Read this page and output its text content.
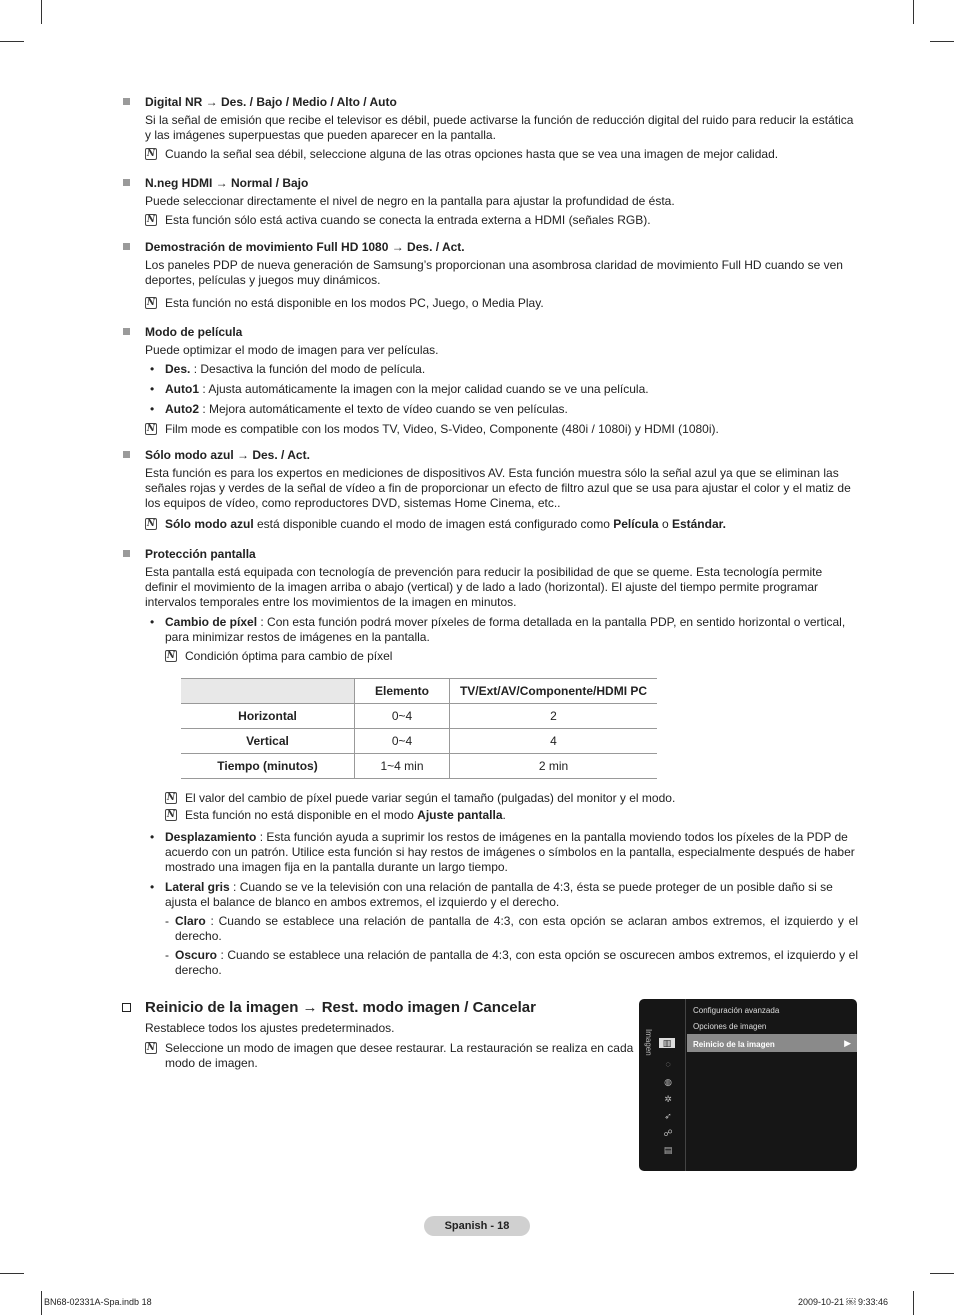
Digital NR → Des. / Bajo / Medio / Alto / Auto
Si la señal de emisión que recibe el televisor es débil, puede activarse la función de reducción digital del ruido para reducir la estática y las imágenes superpuestas que pueden aparecer en la pantalla.
N Cuando la señal sea débil, seleccione alguna de las otras opciones hasta que se vea una imagen de mejor calidad.
N.neg HDMI → Normal / Bajo
Puede seleccionar directamente el nivel de negro en la pantalla para ajustar la profundidad de ésta.
N Esta función sólo está activa cuando se conecta la entrada externa a HDMI (señales RGB).
Demostración de movimiento Full HD 1080 → Des. / Act.
Los paneles PDP de nueva generación de Samsung’s proporcionan una asombrosa claridad de movimiento Full HD cuando se ven deportes, películas y juegos muy dinámicos.
N Esta función no está disponible en los modos PC, Juego, o Media Play.
Modo de película
Puede optimizar el modo de imagen para ver películas.
• Des. : Desactiva la función del modo de película.
• Auto1 : Ajusta automáticamente la imagen con la mejor calidad cuando se ve una película.
• Auto2 : Mejora automáticamente el texto de vídeo cuando se ven películas.
N Film mode es compatible con los modos TV, Video, S-Video, Componente (480i / 1080i) y HDMI (1080i).
Sólo modo azul → Des. / Act.
Esta función es para los expertos en mediciones de dispositivos AV. Esta función muestra sólo la señal azul ya que se eliminan las señales rojas y verdes de la señal de vídeo a fin de proporcionar un efecto de filtro azul que se usa para ajustar el color y el matiz de los equipos de vídeo, como reproductores DVD, sistemas Home Cinema, etc..
N Sólo modo azul está disponible cuando el modo de imagen está configurado como Película o Estándar.
Protección pantalla
Esta pantalla está equipada con tecnología de prevención para reducir la posibilidad de que se queme. Esta tecnología permite definir el movimiento de la imagen arriba o abajo (vertical) y de lado a lado (horizontal). El ajuste del tiempo permite programar intervalos temporales entre los movimientos de la imagen en minutos.
• Cambio de píxel : Con esta función podrá mover píxeles de forma detallada en la pantalla PDP, en sentido horizontal o vertical, para minimizar restos de imágenes en la pantalla.
N Condición óptima para cambio de píxel
	Elemento	TV/Ext/AV/Componente/HDMI PC
Horizontal	0~4	2
Vertical	0~4	4
Tiempo (minutos)	1~4 min	2 min
N El valor del cambio de píxel puede variar según el tamaño (pulgadas) del monitor y el modo.
N Esta función no está disponible en el modo Ajuste pantalla.
• Desplazamiento : Esta función ayuda a suprimir los restos de imágenes en la pantalla moviendo todos los píxeles de la PDP de acuerdo con un patrón. Utilice esta función si hay restos de imágenes o símbolos en la pantalla, especialmente después de haber mostrado una imagen fija en la pantalla durante un largo tiempo.
• Lateral gris : Cuando se ve la televisión con una relación de pantalla de 4:3, ésta se puede proteger de un posible daño si se ajusta el balance de blanco en ambos extremos, el izquierdo y el derecho.
- Claro : Cuando se establece una relación de pantalla de 4:3, con esta opción se aclaran ambos extremos, el izquierdo y el derecho.
- Oscuro : Cuando se establece una relación de pantalla de 4:3, con esta opción se oscurecen ambos extremos, el izquierdo y el derecho.
Reinicio de la imagen → Rest. modo imagen / Cancelar
Restablece todos los ajustes predeterminados.
N Seleccione un modo de imagen que desee restaurar. La restauración se realiza en cada modo de imagen.
Imagen	▥
◌
◍
✲
➶
☍
▤
Configuración avanzada
Opciones de imagen
Reinicio de la imagen	▶
Spanish - 18
BN68-02331A-Spa.indb 18	2009-10-21 ￼ 9:33:46
